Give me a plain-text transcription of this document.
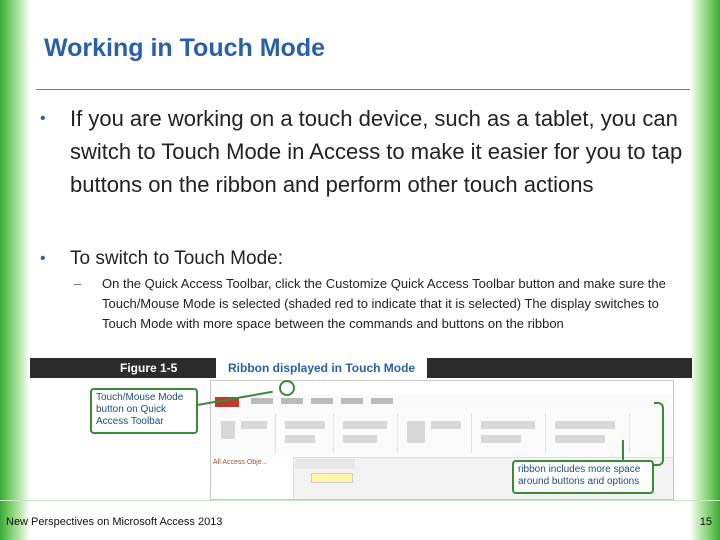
Working in Touch Mode
• If you are working on a touch device, such as a tablet, you can switch to Touch Mode in Access to make it easier for you to tap buttons on the ribbon and perform other touch actions
• To switch to Touch Mode:
– On the Quick Access Toolbar, click the Customize Quick Access Toolbar button and make sure the Touch/Mouse Mode is selected (shaded red to indicate that it is selected) The display switches to Touch Mode with more space between the commands and buttons on the ribbon
Figure 1-5	Ribbon displayed in Touch Mode
All Access Obje...
Touch/Mouse Mode button on Quick Access Toolbar
ribbon includes more space around buttons and options
New Perspectives on Microsoft Access 2013	15
